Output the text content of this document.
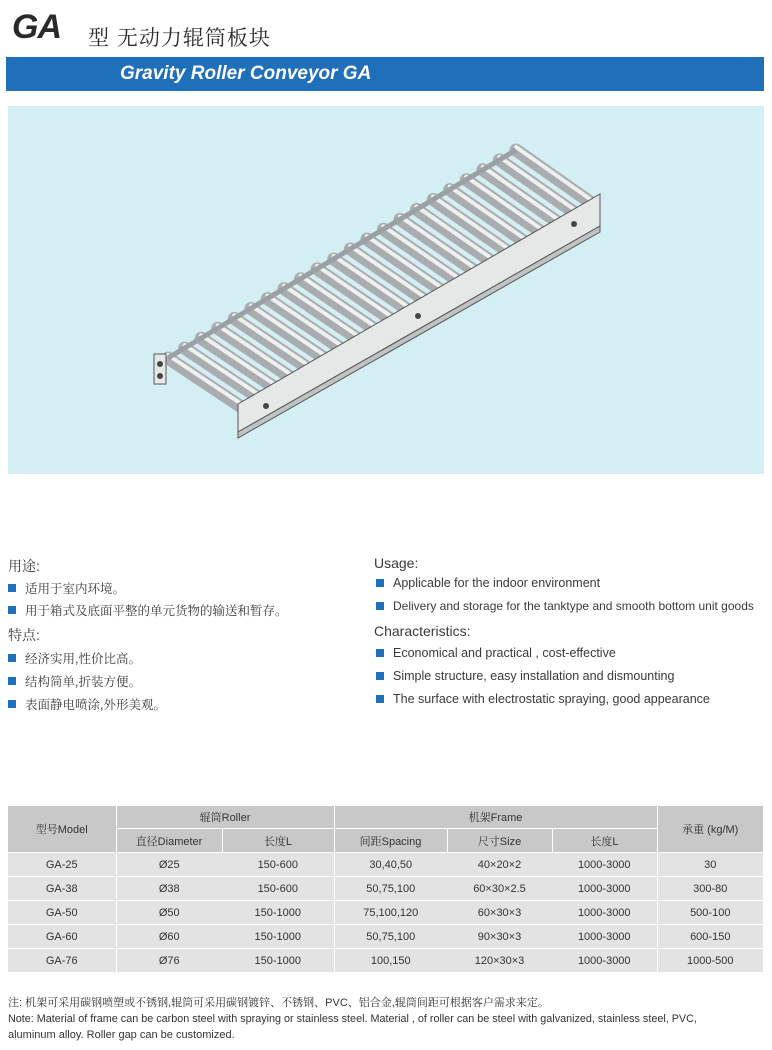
GA 型 无动力辊筒板块
Gravity Roller Conveyor GA
用途:
适用于室内环境。
用于箱式及底面平整的单元货物的输送和暂存。
特点:
经济实用,性价比高。
结构简单,折装方便。
表面静电喷涂,外形美观。
Usage:
Applicable for the indoor environment
Delivery and storage for the tanktype and smooth bottom unit goods
Characteristics:
Economical and practical , cost-effective
Simple structure, easy installation and dismounting
The surface with electrostatic spraying, good appearance
型号Model	辊筒Roller		机架Frame			承重 (kg/M)
	直径Diameter	长度L	间距Spacing	尺寸Size	长度L	
GA-25	Ø25	150-600	30,40,50	40×20×2	1000-3000	30
GA-38	Ø38	150-600	50,75,100	60×30×2.5	1000-3000	300-80
GA-50	Ø50	150-1000	75,100,120	60×30×3	1000-3000	500-100
GA-60	Ø60	150-1000	50,75,100	90×30×3	1000-3000	600-150
GA-76	Ø76	150-1000	100,150	120×30×3	1000-3000	1000-500
注: 机架可采用碳钢喷塑或不锈钢,辊筒可采用碳钢镀锌、不锈钢、PVC、铝合金,辊筒间距可根据客户需求来定。
Note: Material of frame can be carbon steel with spraying or stainless steel. Material , of roller can be steel with galvanized, stainless steel, PVC,
aluminum alloy. Roller gap can be customized.
